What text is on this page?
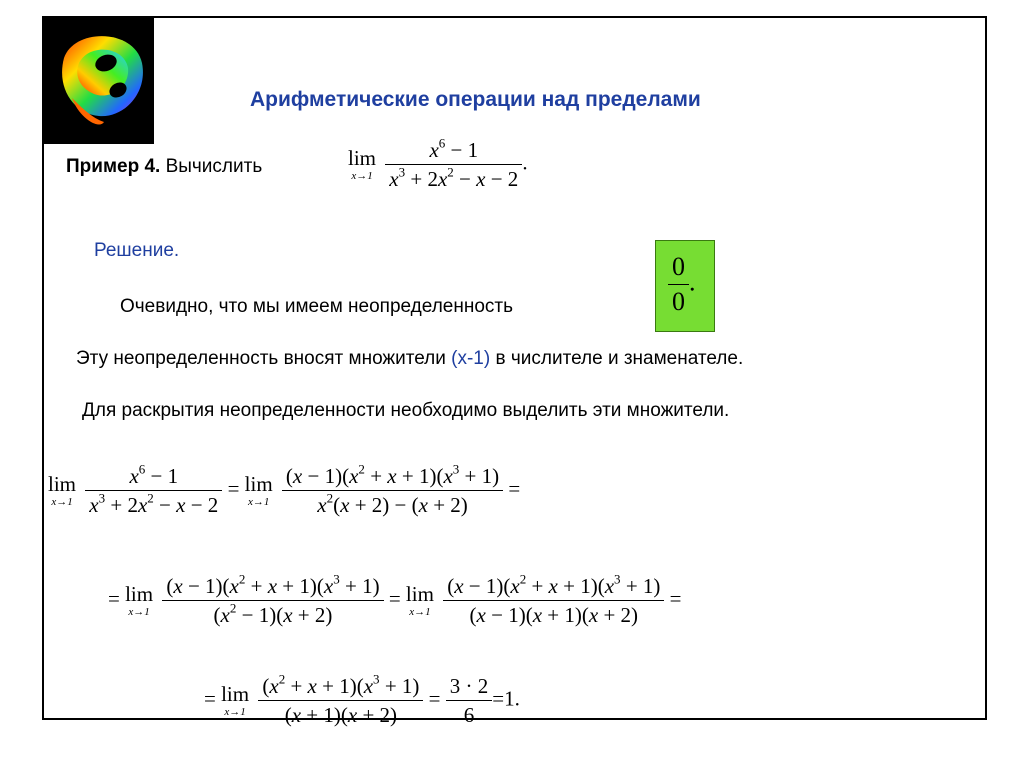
Арифметические операции над пределами
Пример 4. Вычислить	lim
x→1
$\frac{x^6 - 1}{x^3 + 2x^2 - x - 2}$ .
Решение.
Очевидно, что мы имеем неопределенность	$\frac{0}{0}$ .
Эту неопределенность вносят множители (x-1) в числителе и знаменателе.
Для раскрытия неопределенности необходимо выделить эти множители.
lim
x→1
$\frac{x^6 - 1}{x^3 + 2x^2 - x - 2} = \lim$
x→1
$\frac{(x - 1)(x^2 + x + 1)(x^3 + 1)}{x^2(x + 2) - (x + 2)}$ =
= lim
x→1
$\frac{(x - 1)(x^2 + x + 1)(x^3 + 1)}{(x^2 - 1)(x + 2)} = \lim$
x→1
$\frac{(x - 1)(x^2 + x + 1)(x^3 + 1)}{(x - 1)(x + 1)(x + 2)}$ =
= lim
x→1
$\frac{(x^2 + x + 1)(x^3 + 1)}{(x + 1)(x + 2)} = \frac{3 \cdot 2}{6} =1$.
